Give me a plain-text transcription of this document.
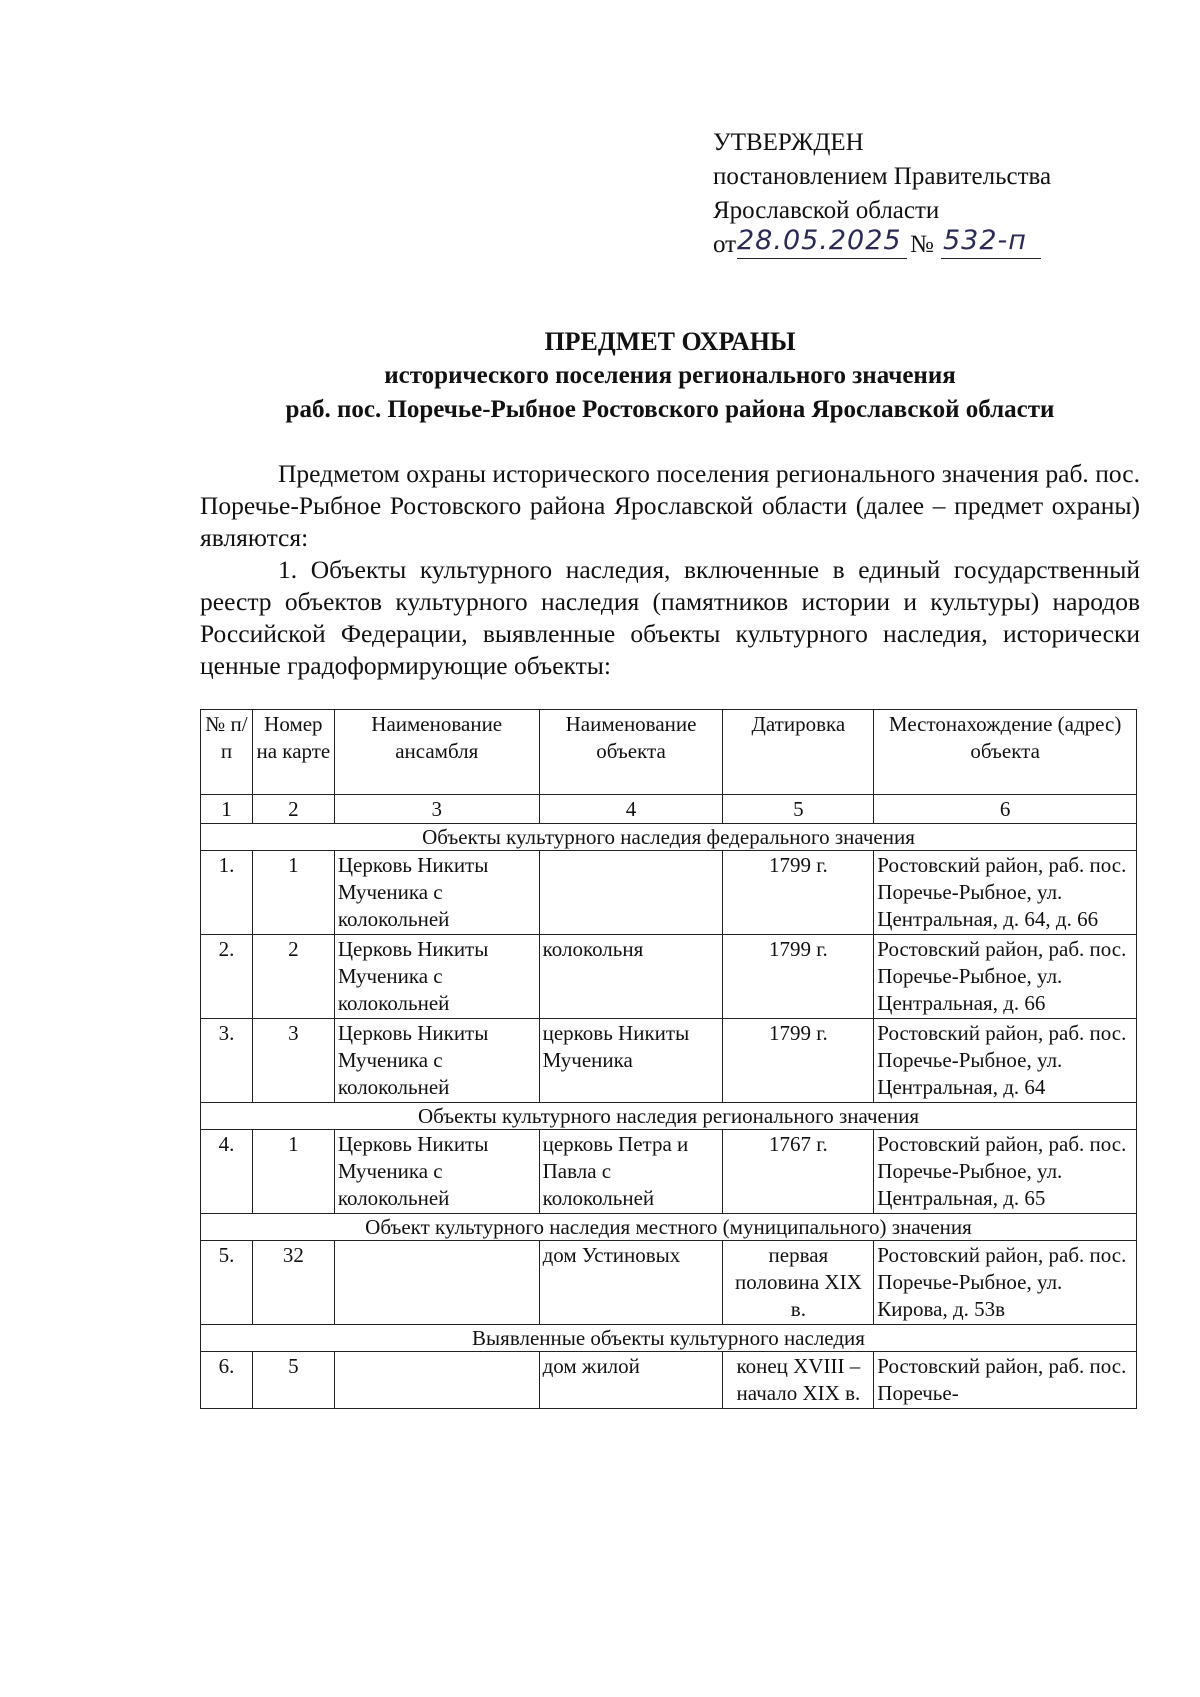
УТВЕРЖДЕН
постановлением Правительства
Ярославской области
от 28.05.2025 № 532-п
ПРЕДМЕТ ОХРАНЫ
исторического поселения регионального значения
раб. пос. Поречье-Рыбное Ростовского района Ярославской области

Предметом охраны исторического поселения регионального значения раб. пос. Поречье-Рыбное Ростовского района Ярославской области (далее – предмет охраны) являются:

1. Объекты культурного наследия, включенные в единый государственный реестр объектов культурного наследия (памятников истории и культуры) народов Российской Федерации, выявленные объекты культурного наследия, исторически ценные градоформирующие объекты:

№ п/п	Номер на карте	Наименование ансамбля	Наименование объекта	Датировка	Местонахождение (адрес) объекта
1	2	3	4	5	6
Объекты культурного наследия федерального значения					
1.	1	Церковь Никиты Мученика с колокольней		1799 г.	Ростовский район, раб. пос. Поречье-Рыбное, ул. Центральная, д. 64, д. 66
2.	2	Церковь Никиты Мученика с колокольней	колокольня	1799 г.	Ростовский район, раб. пос. Поречье-Рыбное, ул. Центральная, д. 66
3.	3	Церковь Никиты Мученика с колокольней	церковь Никиты Мученика	1799 г.	Ростовский район, раб. пос. Поречье-Рыбное, ул. Центральная, д. 64
Объекты культурного наследия регионального значения					
4.	1	Церковь Никиты Мученика с колокольней	церковь Петра и Павла с колокольней	1767 г.	Ростовский район, раб. пос. Поречье-Рыбное, ул. Центральная, д. 65
Объект культурного наследия местного (муниципального) значения					
5.	32		дом Устиновых	первая половина XIX в.	Ростовский район, раб. пос. Поречье-Рыбное, ул. Кирова, д. 53в
Выявленные объекты культурного наследия					
6.	5		дом жилой	конец XVIII – начало XIX в.	Ростовский район, раб. пос. Поречье-
